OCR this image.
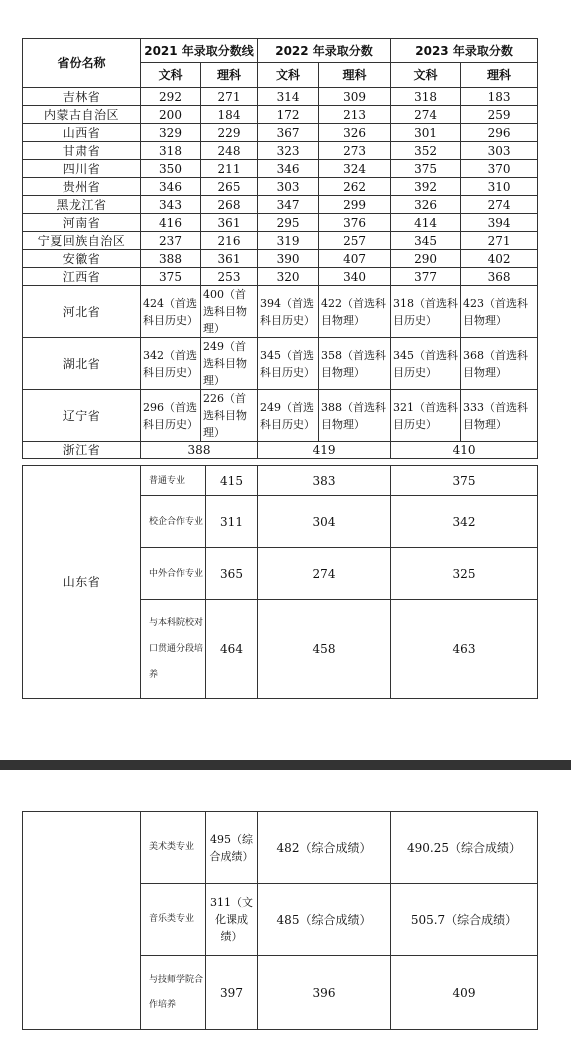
省份名称	2021 年录取分数线		2022 年录取分数		2023 年录取分数	
	文科	理科	文科	理科	文科	理科
吉林省	292	271	314	309	318	183
内蒙古自治区	200	184	172	213	274	259
山西省	329	229	367	326	301	296
甘肃省	318	248	323	273	352	303
四川省	350	211	346	324	375	370
贵州省	346	265	303	262	392	310
黑龙江省	343	268	347	299	326	274
河南省	416	361	295	376	414	394
宁夏回族自治区	237	216	319	257	345	271
安徽省	388	361	390	407	290	402
江西省	375	253	320	340	377	368
河北省	424（首选科目历史）	400（首选科目物理）	394（首选科目历史）	422（首选科目物理）	318（首选科目历史）	423（首选科目物理）
湖北省	342（首选科目历史）	249（首选科目物理）	345（首选科目历史）	358（首选科目物理）	345（首选科目历史）	368（首选科目物理）
辽宁省	296（首选科目历史）	226（首选科目物理）	249（首选科目历史）	388（首选科目物理）	321（首选科目历史）	333（首选科目物理）
浙江省	388		419		410	
山东省	普通专业	415	383	375
	校企合作专业	311	304	342
	中外合作专业	365	274	325
	与本科院校对口贯通分段培养	464	458	463
	美术类专业	495（综合成绩）	482（综合成绩）	490.25（综合成绩）
	音乐类专业	311（文化课成绩）	485（综合成绩）	505.7（综合成绩）
	与技师学院合作培养	397	396	409
